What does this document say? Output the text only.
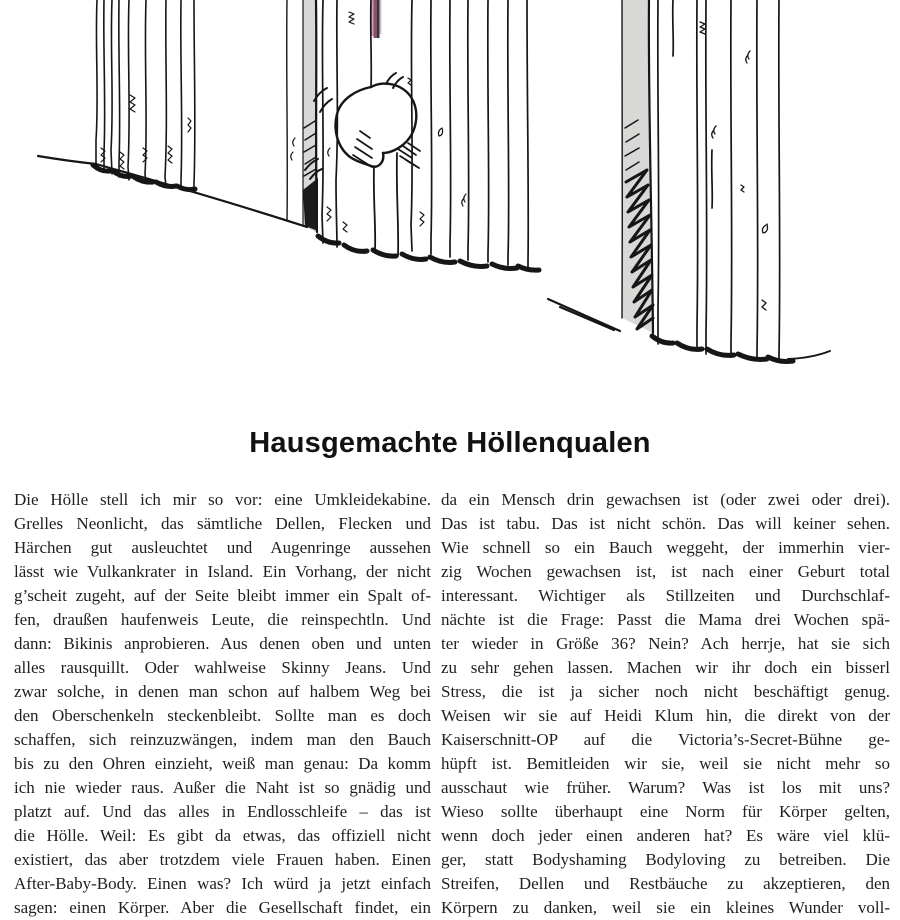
Hausgemachte Höllenqualen
Die Hölle stell ich mir so vor: eine Umkleidekabine.
Grelles Neonlicht, das sämtliche Dellen, Flecken und
Härchen gut ausleuchtet und Augenringe aussehen
lässt wie Vulkankrater in Island. Ein Vorhang, der nicht
g’scheit zugeht, auf der Seite bleibt immer ein Spalt of-
fen, draußen haufenweis Leute, die reinspechtln. Und
dann: Bikinis anprobieren. Aus denen oben und unten
alles rausquillt. Oder wahlweise Skinny Jeans. Und
zwar solche, in denen man schon auf halbem Weg bei
den Oberschenkeln steckenbleibt. Sollte man es doch
schaffen, sich reinzuzwängen, indem man den Bauch
bis zu den Ohren einzieht, weiß man genau: Da komm
ich nie wieder raus. Außer die Naht ist so gnädig und
platzt auf. Und das alles in Endlosschleife – das ist
die Hölle. Weil: Es gibt da etwas, das offiziell nicht
existiert, das aber trotzdem viele Frauen haben. Einen
After-Baby-Body. Einen was? Ich würd ja jetzt einfach
sagen: einen Körper. Aber die Gesellschaft findet, ein
da ein Mensch drin gewachsen ist (oder zwei oder drei).
Das ist tabu. Das ist nicht schön. Das will keiner sehen.
Wie schnell so ein Bauch weggeht, der immerhin vier-
zig Wochen gewachsen ist, ist nach einer Geburt total
interessant. Wichtiger als Stillzeiten und Durchschlaf-
nächte ist die Frage: Passt die Mama drei Wochen spä-
ter wieder in Größe 36? Nein? Ach herrje, hat sie sich
zu sehr gehen lassen. Machen wir ihr doch ein bisserl
Stress, die ist ja sicher noch nicht beschäftigt genug.
Weisen wir sie auf Heidi Klum hin, die direkt von der
Kaiserschnitt-OP auf die Victoria’s-Secret-Bühne ge-
hüpft ist. Bemitleiden wir sie, weil sie nicht mehr so
ausschaut wie früher. Warum? Was ist los mit uns?
Wieso sollte überhaupt eine Norm für Körper gelten,
wenn doch jeder einen anderen hat? Es wäre viel klü-
ger, statt Bodyshaming Bodyloving zu betreiben. Die
Streifen, Dellen und Restbäuche zu akzeptieren, den
Körpern zu danken, weil sie ein kleines Wunder voll-
